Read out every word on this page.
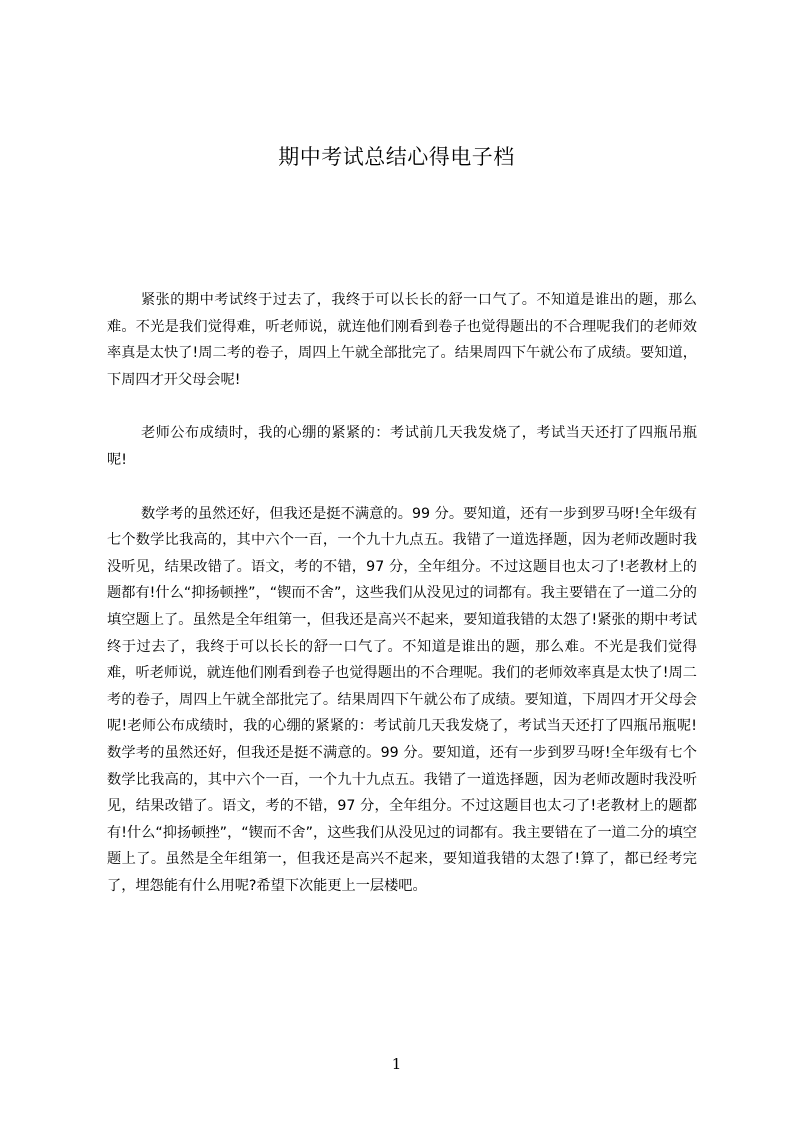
期中考试总结心得电子档

紧张的期中考试终于过去了，我终于可以长长的舒一口气了。不知道是谁出的题，那么难。不光是我们觉得难，听老师说，就连他们刚看到卷子也觉得题出的不合理呢我们的老师效率真是太快了!周二考的卷子，周四上午就全部批完了。结果周四下午就公布了成绩。要知道，下周四才开父母会呢!

老师公布成绩时，我的心绷的紧紧的：考试前几天我发烧了，考试当天还打了四瓶吊瓶呢!

数学考的虽然还好，但我还是挺不满意的。99 分。要知道，还有一步到罗马呀!全年级有七个数学比我高的，其中六个一百，一个九十九点五。我错了一道选择题，因为老师改题时我没听见，结果改错了。语文，考的不错，97 分，全年组分。不过这题目也太刁了!老教材上的题都有!什么“抑扬顿挫”，“锲而不舍”，这些我们从没见过的词都有。我主要错在了一道二分的填空题上了。虽然是全年组第一，但我还是高兴不起来，要知道我错的太怨了!紧张的期中考试终于过去了，我终于可以长长的舒一口气了。不知道是谁出的题，那么难。不光是我们觉得难，听老师说，就连他们刚看到卷子也觉得题出的不合理呢。我们的老师效率真是太快了!周二考的卷子，周四上午就全部批完了。结果周四下午就公布了成绩。要知道，下周四才开父母会呢!老师公布成绩时，我的心绷的紧紧的：考试前几天我发烧了，考试当天还打了四瓶吊瓶呢!数学考的虽然还好，但我还是挺不满意的。99 分。要知道，还有一步到罗马呀!全年级有七个数学比我高的，其中六个一百，一个九十九点五。我错了一道选择题，因为老师改题时我没听见，结果改错了。语文，考的不错，97 分，全年组分。不过这题目也太刁了!老教材上的题都有!什么“抑扬顿挫”，“锲而不舍”，这些我们从没见过的词都有。我主要错在了一道二分的填空题上了。虽然是全年组第一，但我还是高兴不起来，要知道我错的太怨了!算了，都已经考完了，埋怨能有什么用呢?希望下次能更上一层楼吧。

1
